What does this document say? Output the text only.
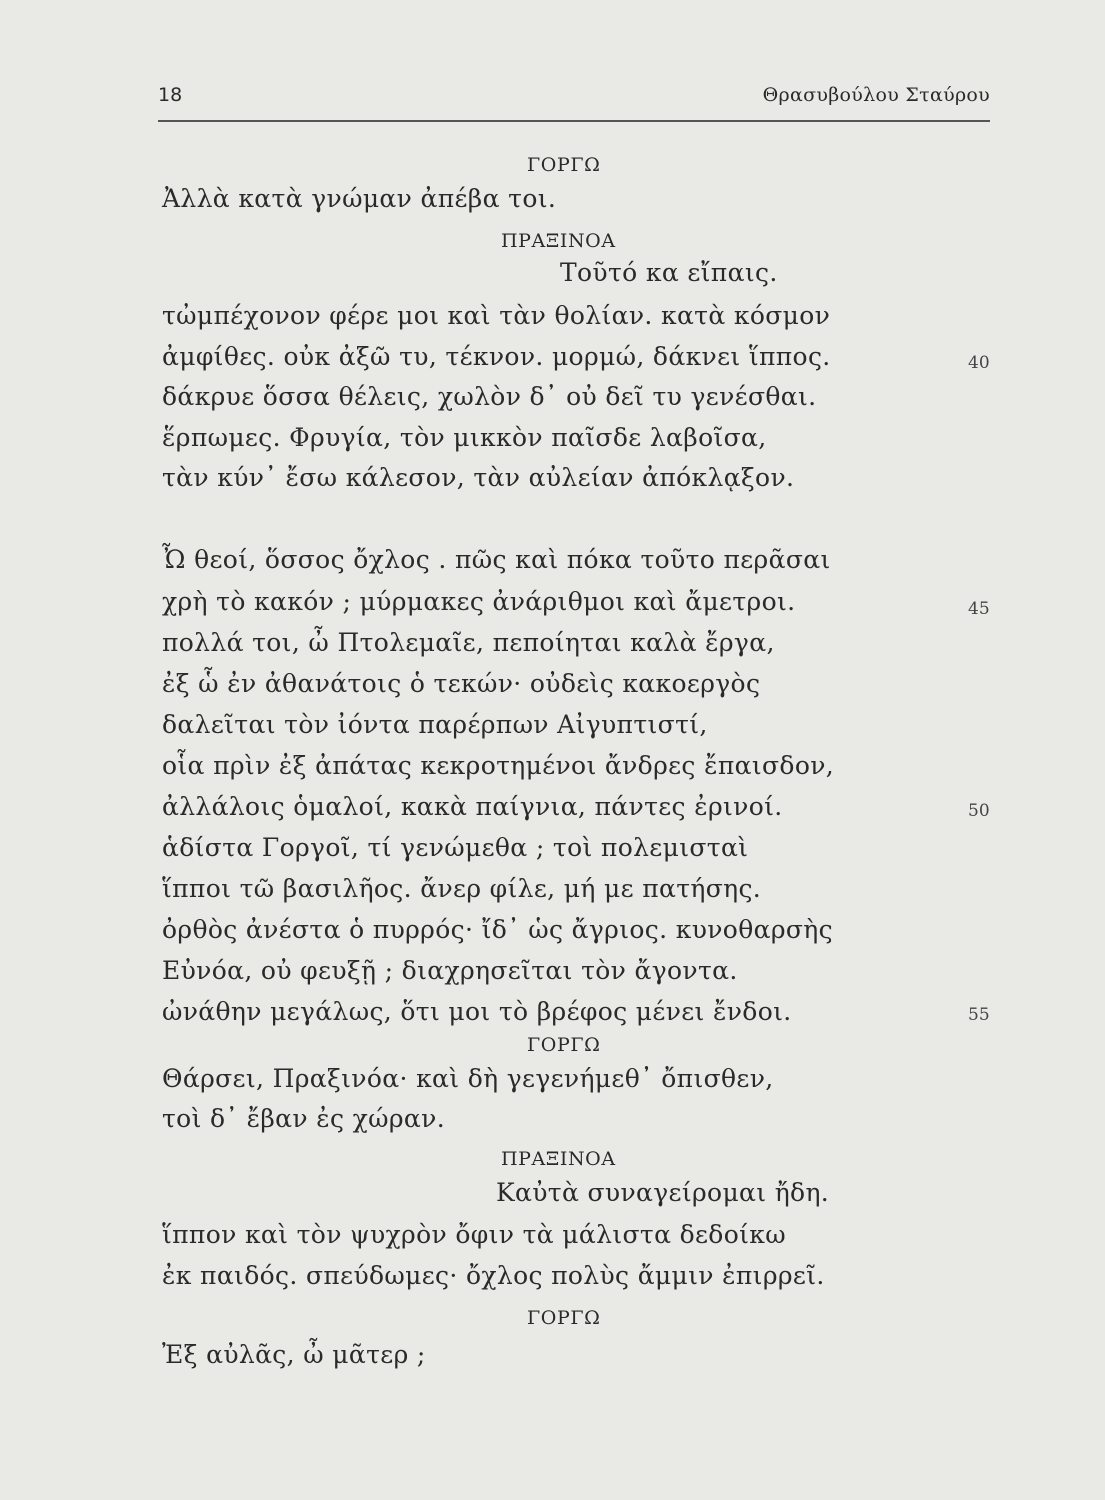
18	Θρασυβούλου Σταύρου
ΓΟΡΓΩ
Ἀλλὰ κατὰ γνώμαν ἀπέβα τοι.
ΠΡΑΞΙΝΟΑ
Τοῦτό κα εἴπαις.
τὠμπέχονον φέρε μοι καὶ τὰν θολίαν. κατὰ κόσμον
ἀμφίθες. οὐκ ἀξῶ τυ, τέκνον. μορμώ, δάκνει ἵππος.	40
δάκρυε ὅσσα θέλεις, χωλὸν δ᾽ οὐ δεῖ τυ γενέσθαι.
ἕρπωμες. Φρυγία, τὸν μικκὸν παῖσδε λαβοῖσα,
τὰν κύν᾽ ἔσω κάλεσον, τὰν αὐλείαν ἀπόκλᾳξον.
Ὦ θεοί, ὅσσος ὄχλος . πῶς καὶ πόκα τοῦτο περᾶσαι
χρὴ τὸ κακόν ; μύρμακες ἀνάριθμοι καὶ ἄμετροι.	45
πολλά τοι, ὦ Πτολεμαῖε, πεποίηται καλὰ ἔργα,
ἐξ ὧ ἐν ἀθανάτοις ὁ τεκών· οὐδεὶς κακοεργὸς
δαλεῖται τὸν ἰόντα παρέρπων Αἰγυπτιστί,
οἷα πρὶν ἐξ ἀπάτας κεκροτημένοι ἄνδρες ἔπαισδον,
ἀλλάλοις ὁμαλοί, κακὰ παίγνια, πάντες ἐρινοί.	50
ἁδίστα Γοργοῖ, τί γενώμεθα ; τοὶ πολεμισταὶ
ἵπποι τῶ βασιλῆος. ἄνερ φίλε, μή με πατήσης.
ὀρθὸς ἀνέστα ὁ πυρρός· ἴδ᾽ ὡς ἄγριος. κυνοθαρσὴς
Εὐνόα, οὐ φευξῇ ; διαχρησεῖται τὸν ἄγοντα.
ὠνάθην μεγάλως, ὅτι μοι τὸ βρέφος μένει ἔνδοι.	55
ΓΟΡΓΩ
Θάρσει, Πραξινόα· καὶ δὴ γεγενήμεθ᾽ ὄπισθεν,
τοὶ δ᾽ ἔβαν ἐς χώραν.
ΠΡΑΞΙΝΟΑ
Καὐτὰ συναγείρομαι ἤδη.
ἵππον καὶ τὸν ψυχρὸν ὄφιν τὰ μάλιστα δεδοίκω
ἐκ παιδός. σπεύδωμες· ὄχλος πολὺς ἄμμιν ἐπιρρεῖ.
ΓΟΡΓΩ
Ἐξ αὐλᾶς, ὦ μᾶτερ ;
